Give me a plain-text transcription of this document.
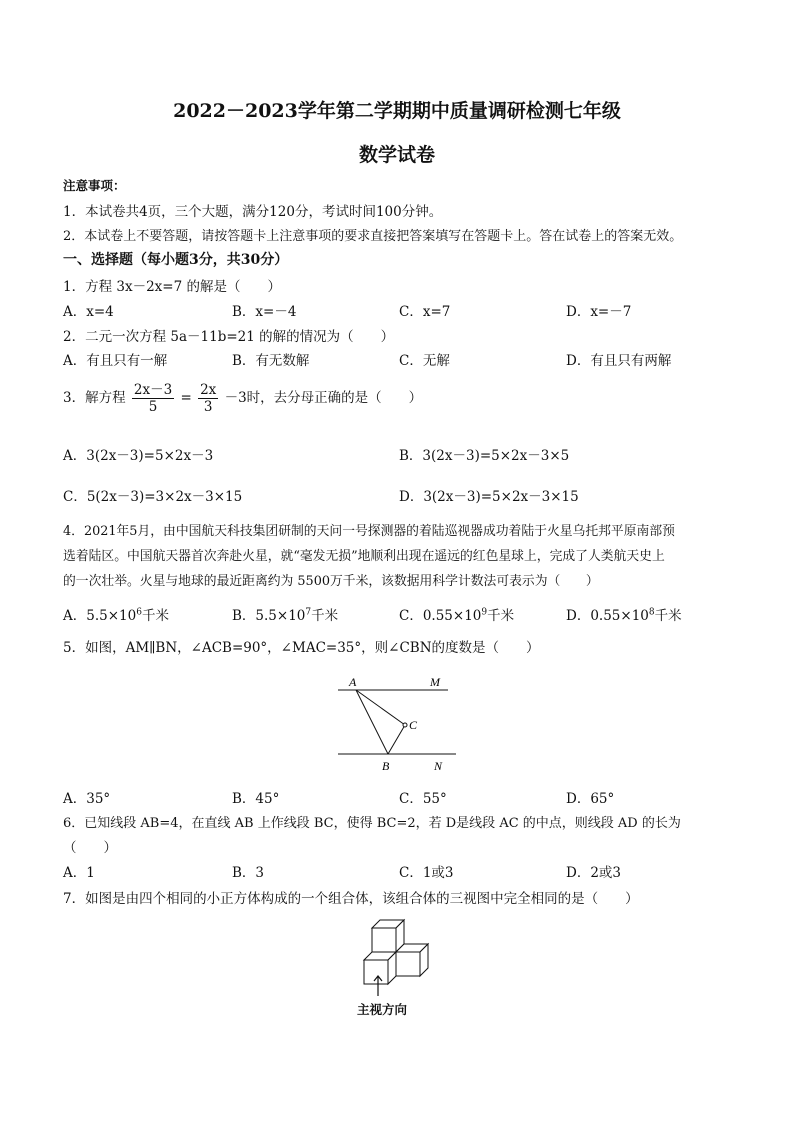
2022－2023学年第二学期期中质量调研检测七年级
数学试卷
注意事项：
1．本试卷共4页，三个大题，满分120分，考试时间100分钟。
2．本试卷上不要答题，请按答题卡上注意事项的要求直接把答案填写在答题卡上。答在试卷上的答案无效。
一、选择题（每小题3分，共30分）
1．方程 3x－2x=7 的解是（　　）
A．x=4	B．x=－4	C．x=7	D．x=－7
2．二元一次方程 5a－11b=21 的解的情况为（　　）
A．有且只有一解	B．有无数解	C．无解	D．有且只有两解
3．解方程 $\frac{2x-3}{5} = \frac{2x}{3} -3$时，去分母正确的是（　　）
A．3(2x－3)=5×2x－3	B．3(2x－3)=5×2x－3×5
C．5(2x－3)=3×2x－3×15	D．3(2x－3)=5×2x－3×15
4．2021年5月，由中国航天科技集团研制的天问一号探测器的着陆巡视器成功着陆于火星乌托邦平原南部预
选着陆区。中国航天器首次奔赴火星，就“毫发无损”地顺利出现在遥远的红色星球上，完成了人类航天史上
的一次壮举。火星与地球的最近距离约为 5500万千米，该数据用科学计数法可表示为（　　）
A．$5.5\times 10^6$千米	B．$5.5\times 10^7$千米	C．$0.55\times 10^9$千米	D．$0.55\times 10^8$千米
5．如图，AM∥BN，∠ACB=90°，∠MAC=35°，则∠CBN的度数是（　　）
A	M
C
B	N
A．35°	B．45°	C．55°	D．65°
6．已知线段 AB=4，在直线 AB 上作线段 BC，使得 BC=2，若 D是线段 AC 的中点，则线段 AD 的长为
（　　）
A．1	B．3	C．1或3	D．2或3
7．如图是由四个相同的小正方体构成的一个组合体，该组合体的三视图中完全相同的是（　　）
主视方向
